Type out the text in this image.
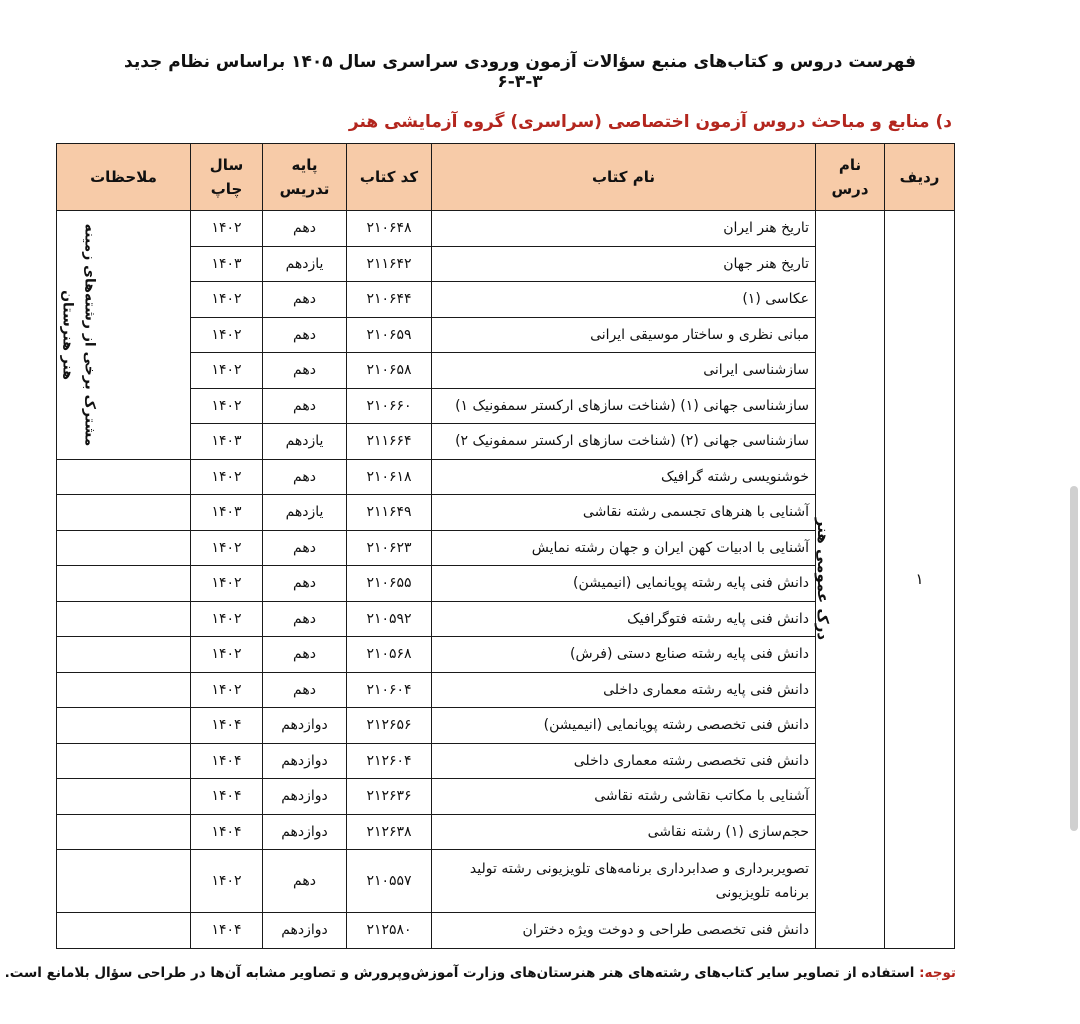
فهرست دروس و کتاب‌های منبع سؤالات آزمون ورودی سراسری سال ۱۴۰۵ براساس نظام جدید ۳-۳-۶
د) منابع و مباحث دروس آزمون اختصاصی (سراسری) گروه آزمایشی هنر
ردیف	نام درس	نام کتاب	کد کتاب	پایه تدریس	سال چاپ	ملاحظات
۱	درک عمومی هنر	تاریخ هنر ایران	۲۱۰۶۴۸	دهم	۱۴۰۲	مشترک برخی از رشته‌های زمینه
هنر هنرستان

		تاریخ هنر جهان	۲۱۱۶۴۲	یازدهم	۱۴۰۳	
		عکاسی (۱)	۲۱۰۶۴۴	دهم	۱۴۰۲	
		مبانی نظری و ساختار موسیقی ایرانی	۲۱۰۶۵۹	دهم	۱۴۰۲	
		سازشناسی ایرانی	۲۱۰۶۵۸	دهم	۱۴۰۲	
		سازشناسی جهانی (۱) (شناخت سازهای ارکستر سمفونیک ۱)	۲۱۰۶۶۰	دهم	۱۴۰۲	
		سازشناسی جهانی (۲) (شناخت سازهای ارکستر سمفونیک ۲)	۲۱۱۶۶۴	یازدهم	۱۴۰۳	
		خوشنویسی رشته گرافیک	۲۱۰۶۱۸	دهم	۱۴۰۲	
		آشنایی با هنرهای تجسمی رشته نقاشی	۲۱۱۶۴۹	یازدهم	۱۴۰۳	
		آشنایی با ادبیات کهن ایران و جهان رشته نمایش	۲۱۰۶۲۳	دهم	۱۴۰۲	
		دانش فنی پایه رشته پویانمایی (انیمیشن)	۲۱۰۶۵۵	دهم	۱۴۰۲	
		دانش فنی پایه رشته فتوگرافیک	۲۱۰۵۹۲	دهم	۱۴۰۲	
		دانش فنی پایه رشته صنایع دستی (فرش)	۲۱۰۵۶۸	دهم	۱۴۰۲	
		دانش فنی پایه رشته معماری داخلی	۲۱۰۶۰۴	دهم	۱۴۰۲	
		دانش فنی تخصصی رشته پویانمایی (انیمیشن)	۲۱۲۶۵۶	دوازدهم	۱۴۰۴	
		دانش فنی تخصصی رشته معماری داخلی	۲۱۲۶۰۴	دوازدهم	۱۴۰۴	
		آشنایی با مکاتب نقاشی رشته نقاشی	۲۱۲۶۳۶	دوازدهم	۱۴۰۴	
		حجم‌سازی (۱) رشته نقاشی	۲۱۲۶۳۸	دوازدهم	۱۴۰۴	

		تصویربرداری و صدابرداری برنامه‌های تلویزیونی رشته تولید
برنامه تلویزیونی	۲۱۰۵۵۷	دهم	۱۴۰۲	
		دانش فنی تخصصی طراحی و دوخت ویژه دختران	۲۱۲۵۸۰	دوازدهم	۱۴۰۴	
توجه: استفاده از تصاویر سایر کتاب‌های رشته‌های هنر هنرستان‌های وزارت آموزش‌وپرورش و تصاویر مشابه آن‌ها در طراحی سؤال بلامانع است.
